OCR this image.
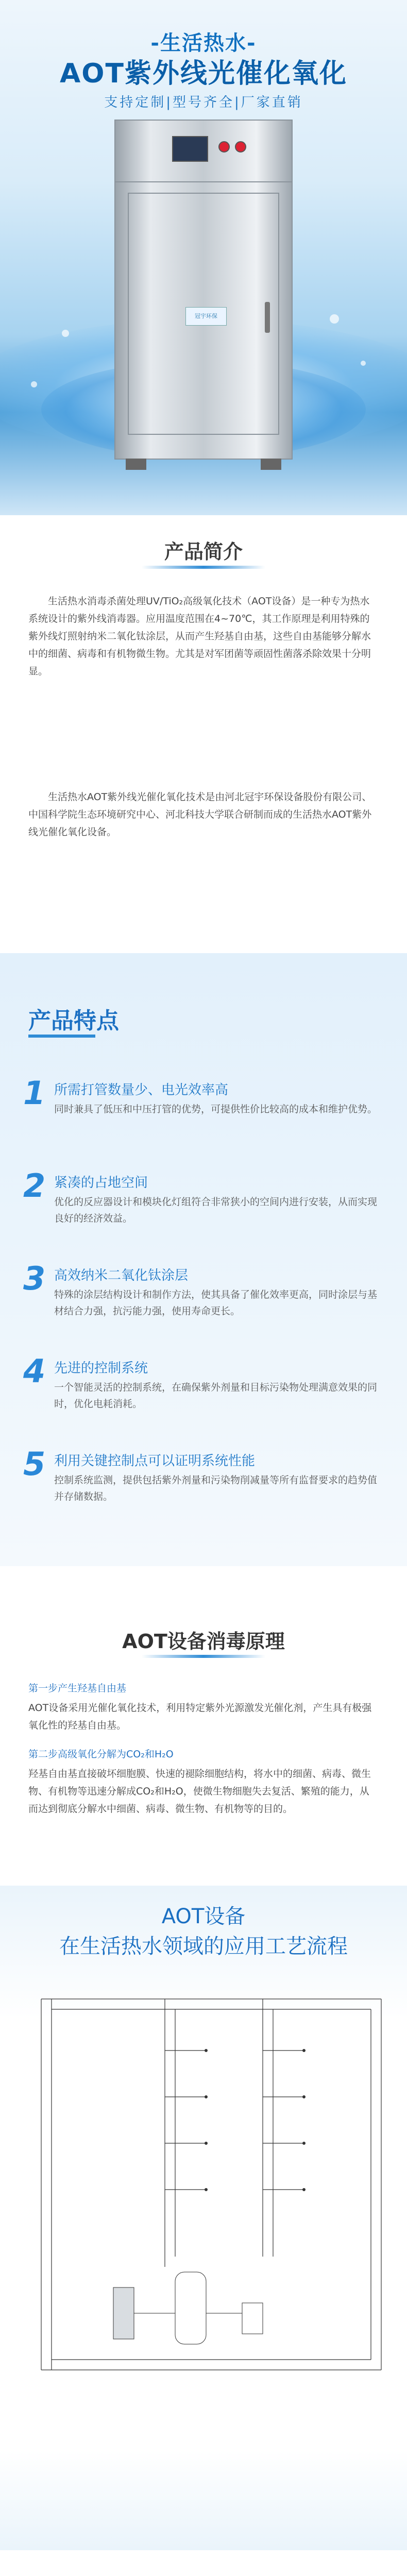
-生活热水-
AOT紫外线光催化氧化
支持定制|型号齐全|厂家直销
冠宇环保
产品简介
生活热水消毒杀菌处理UV/TiO₂高级氧化技术（AOT设备）是一种专为热水系统设计的紫外线消毒器。应用温度范围在4~70℃，其工作原理是利用特殊的紫外线灯照射纳米二氧化钛涂层，从而产生羟基自由基，这些自由基能够分解水中的细菌、病毒和有机物微生物。尤其是对军团菌等顽固性菌落杀除效果十分明显。
生活热水AOT紫外线光催化氧化技术是由河北冠宇环保设备股份有限公司、中国科学院生态环境研究中心、河北科技大学联合研制而成的生活热水AOT紫外线光催化氧化设备。
产品特点
1 所需打管数量少、电光效率高
同时兼具了低压和中压打管的优势，可提供性价比较高的成本和维护优势。
2 紧凑的占地空间
优化的反应器设计和模块化灯组符合非常狭小的空间内进行安装，从而实现良好的经济效益。
3 高效纳米二氧化钛涂层
特殊的涂层结构设计和制作方法，使其具备了催化效率更高，同时涂层与基材结合力强，抗污能力强，使用寿命更长。
4 先进的控制系统
一个智能灵活的控制系统，在确保紫外剂量和目标污染物处理满意效果的同时，优化电耗消耗。
5 利用关键控制点可以证明系统性能
控制系统监测，提供包括紫外剂量和污染物削减量等所有监督要求的趋势值并存储数据。
AOT设备消毒原理
第一步产生羟基自由基
AOT设备采用光催化氧化技术，利用特定紫外光源激发光催化剂，产生具有极强氧化性的羟基自由基。
第二步高级氧化分解为CO₂和H₂O
羟基自由基直接破坏细胞膜、快速的褪除细胞结构，将水中的细菌、病毒、微生物、有机物等迅速分解成CO₂和H₂O，使微生物细胞失去复活、繁殖的能力，从而达到彻底分解水中细菌、病毒、微生物、有机物等的目的。
AOT设备
在生活热水领域的应用工艺流程
